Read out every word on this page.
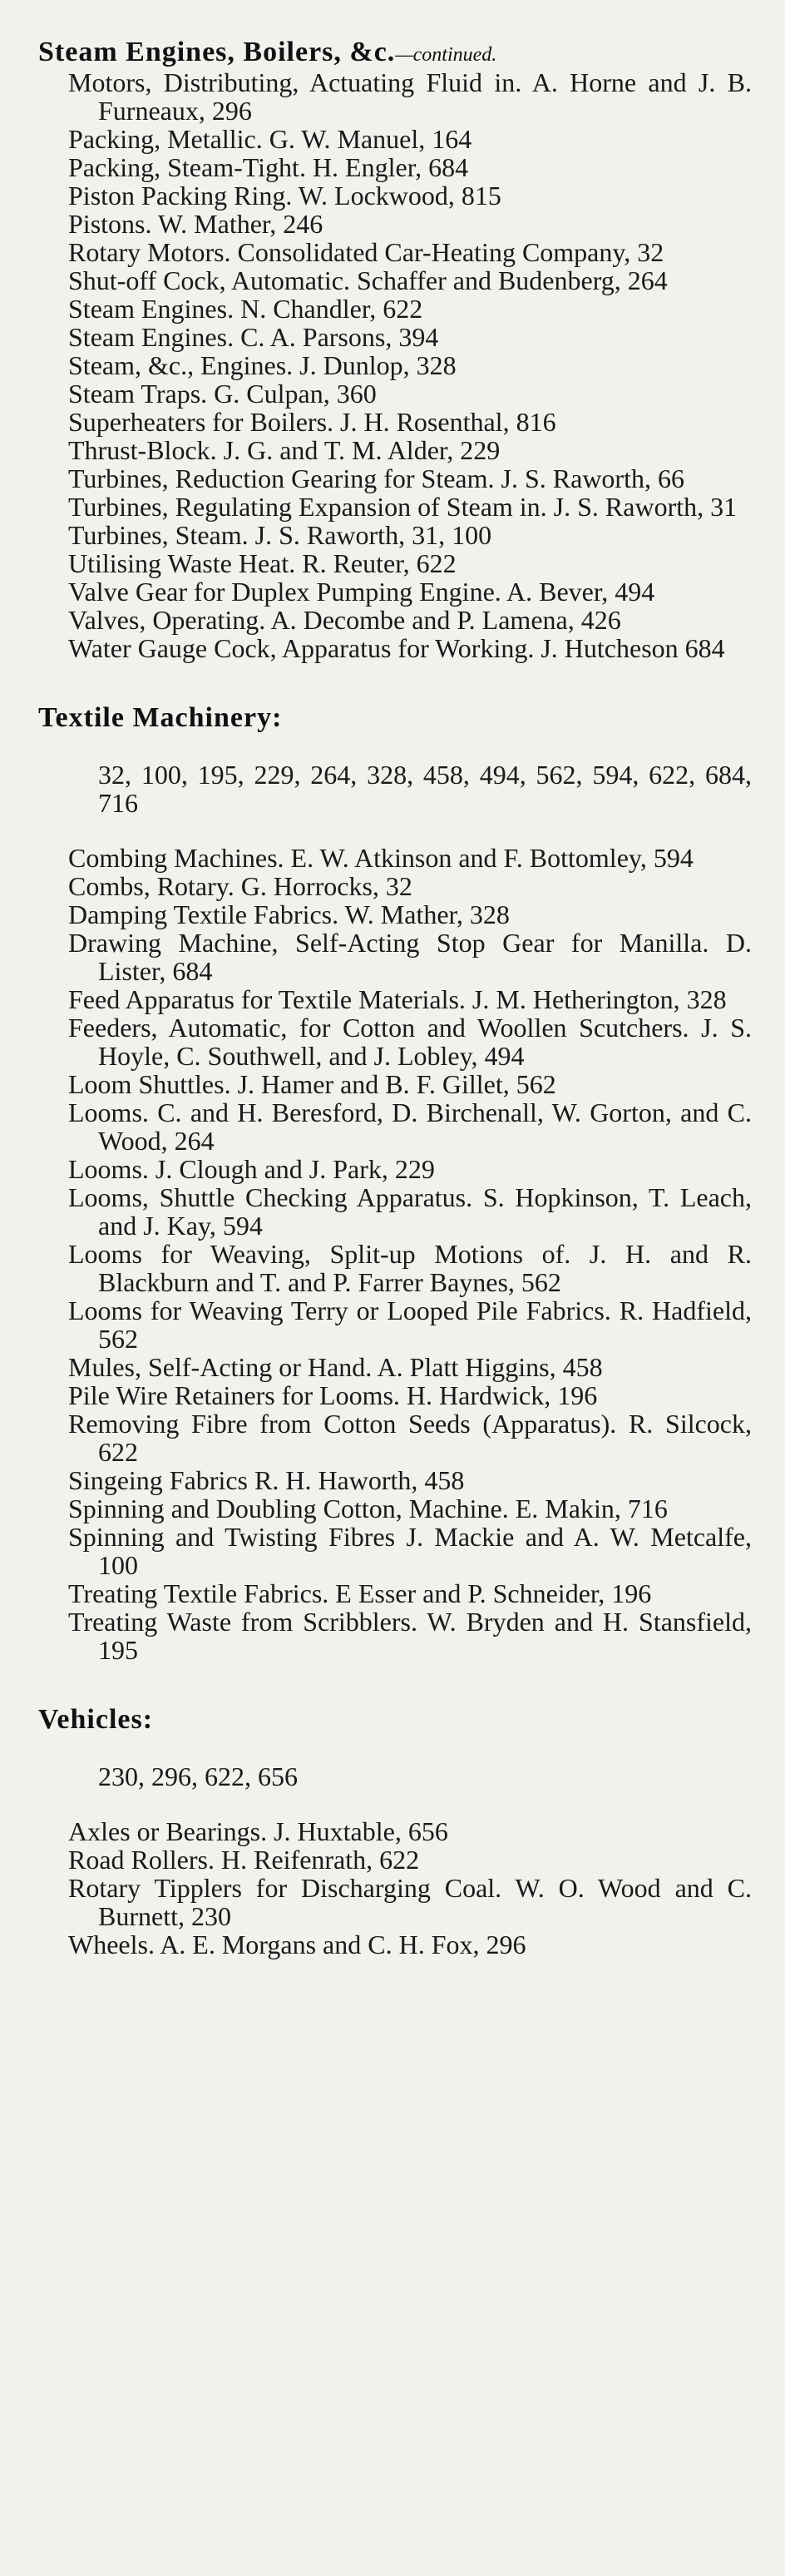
Steam Engines, Boilers, &c.—continued.

Motors, Distributing, Actuating Fluid in. A. Horne and J. B. Furneaux, 296

Packing, Metallic. G. W. Manuel, 164

Packing, Steam-Tight. H. Engler, 684

Piston Packing Ring. W. Lockwood, 815

Pistons. W. Mather, 246

Rotary Motors. Consolidated Car-Heating Company, 32

Shut-off Cock, Automatic. Schaffer and Budenberg, 264

Steam Engines. N. Chandler, 622

Steam Engines. C. A. Parsons, 394

Steam, &c., Engines. J. Dunlop, 328

Steam Traps. G. Culpan, 360

Superheaters for Boilers. J. H. Rosenthal, 816

Thrust-Block. J. G. and T. M. Alder, 229

Turbines, Reduction Gearing for Steam. J. S. Raworth, 66

Turbines, Regulating Expansion of Steam in. J. S. Raworth, 31

Turbines, Steam. J. S. Raworth, 31, 100

Utilising Waste Heat. R. Reuter, 622

Valve Gear for Duplex Pumping Engine. A. Bever, 494

Valves, Operating. A. Decombe and P. Lamena, 426

Water Gauge Cock, Apparatus for Working. J. Hutcheson 684

Textile Machinery:

32, 100, 195, 229, 264, 328, 458, 494, 562, 594, 622, 684, 716

Combing Machines. E. W. Atkinson and F. Bottomley, 594

Combs, Rotary. G. Horrocks, 32

Damping Textile Fabrics. W. Mather, 328

Drawing Machine, Self-Acting Stop Gear for Manilla. D. Lister, 684

Feed Apparatus for Textile Materials. J. M. Hetherington, 328

Feeders, Automatic, for Cotton and Woollen Scutchers. J. S. Hoyle, C. Southwell, and J. Lobley, 494

Loom Shuttles. J. Hamer and B. F. Gillet, 562

Looms. C. and H. Beresford, D. Birchenall, W. Gorton, and C. Wood, 264

Looms. J. Clough and J. Park, 229

Looms, Shuttle Checking Apparatus. S. Hopkinson, T. Leach, and J. Kay, 594

Looms for Weaving, Split-up Motions of. J. H. and R. Blackburn and T. and P. Farrer Baynes, 562

Looms for Weaving Terry or Looped Pile Fabrics. R. Hadfield, 562

Mules, Self-Acting or Hand. A. Platt Higgins, 458

Pile Wire Retainers for Looms. H. Hardwick, 196

Removing Fibre from Cotton Seeds (Apparatus). R. Silcock, 622

Singeing Fabrics R. H. Haworth, 458

Spinning and Doubling Cotton, Machine. E. Makin, 716

Spinning and Twisting Fibres J. Mackie and A. W. Metcalfe, 100

Treating Textile Fabrics. E Esser and P. Schneider, 196

Treating Waste from Scribblers. W. Bryden and H. Stansfield, 195

Vehicles:

230, 296, 622, 656

Axles or Bearings. J. Huxtable, 656

Road Rollers. H. Reifenrath, 622

Rotary Tipplers for Discharging Coal. W. O. Wood and C. Burnett, 230

Wheels. A. E. Morgans and C. H. Fox, 296
